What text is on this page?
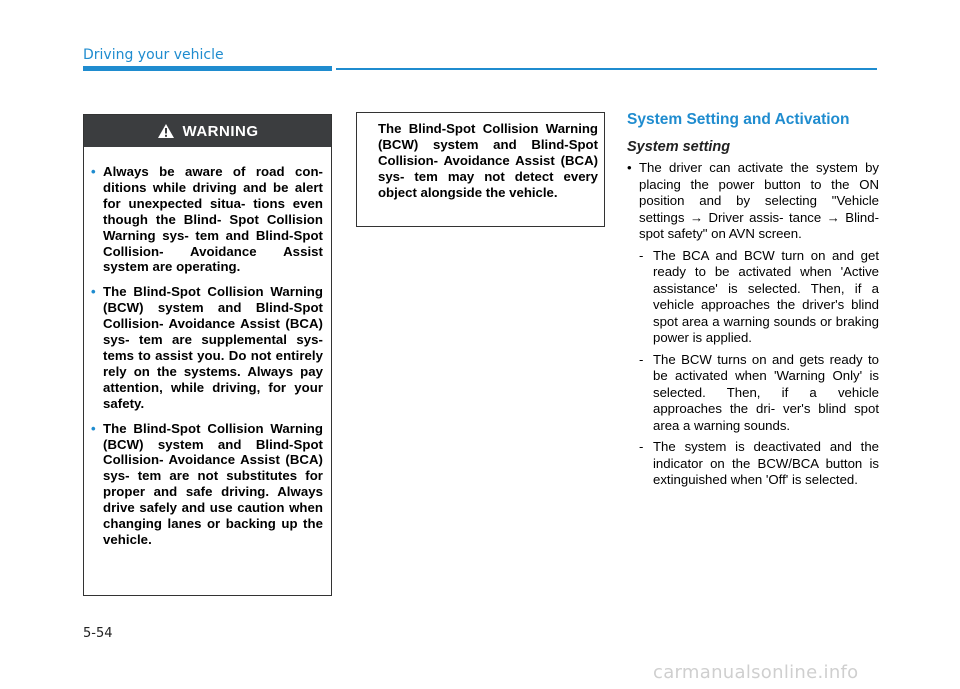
Driving your vehicle
WARNING
• Always be aware of road con- ditions while driving and be alert for unexpected situa- tions even though the Blind- Spot Collision Warning sys- tem and Blind-Spot Collision- Avoidance Assist system are operating.
• The Blind-Spot Collision Warning (BCW) system and Blind-Spot Collision- Avoidance Assist (BCA) sys- tem are supplemental sys- tems to assist you. Do not entirely rely on the systems. Always pay attention, while driving, for your safety.
• The Blind-Spot Collision Warning (BCW) system and Blind-Spot Collision- Avoidance Assist (BCA) sys- tem are not substitutes for proper and safe driving. Always drive safely and use caution when changing lanes or backing up the vehicle.

The Blind-Spot Collision Warning (BCW) system and Blind-Spot Collision- Avoidance Assist (BCA) sys- tem may not detect every object alongside the vehicle.

System Setting and Activation
System setting
• The driver can activate the system by placing the power button to the ON position and by selecting "Vehicle settings → Driver assis- tance → Blind-spot safety" on AVN screen.
- The BCA and BCW turn on and get ready to be activated when 'Active assistance' is selected. Then, if a vehicle approaches the driver's blind spot area a warning sounds or braking power is applied.
- The BCW turns on and gets ready to be activated when 'Warning Only' is selected. Then, if a vehicle approaches the dri- ver's blind spot area a warning sounds.
- The system is deactivated and the indicator on the BCW/BCA button is extinguished when 'Off' is selected.
5-54
carmanualsonline.info
